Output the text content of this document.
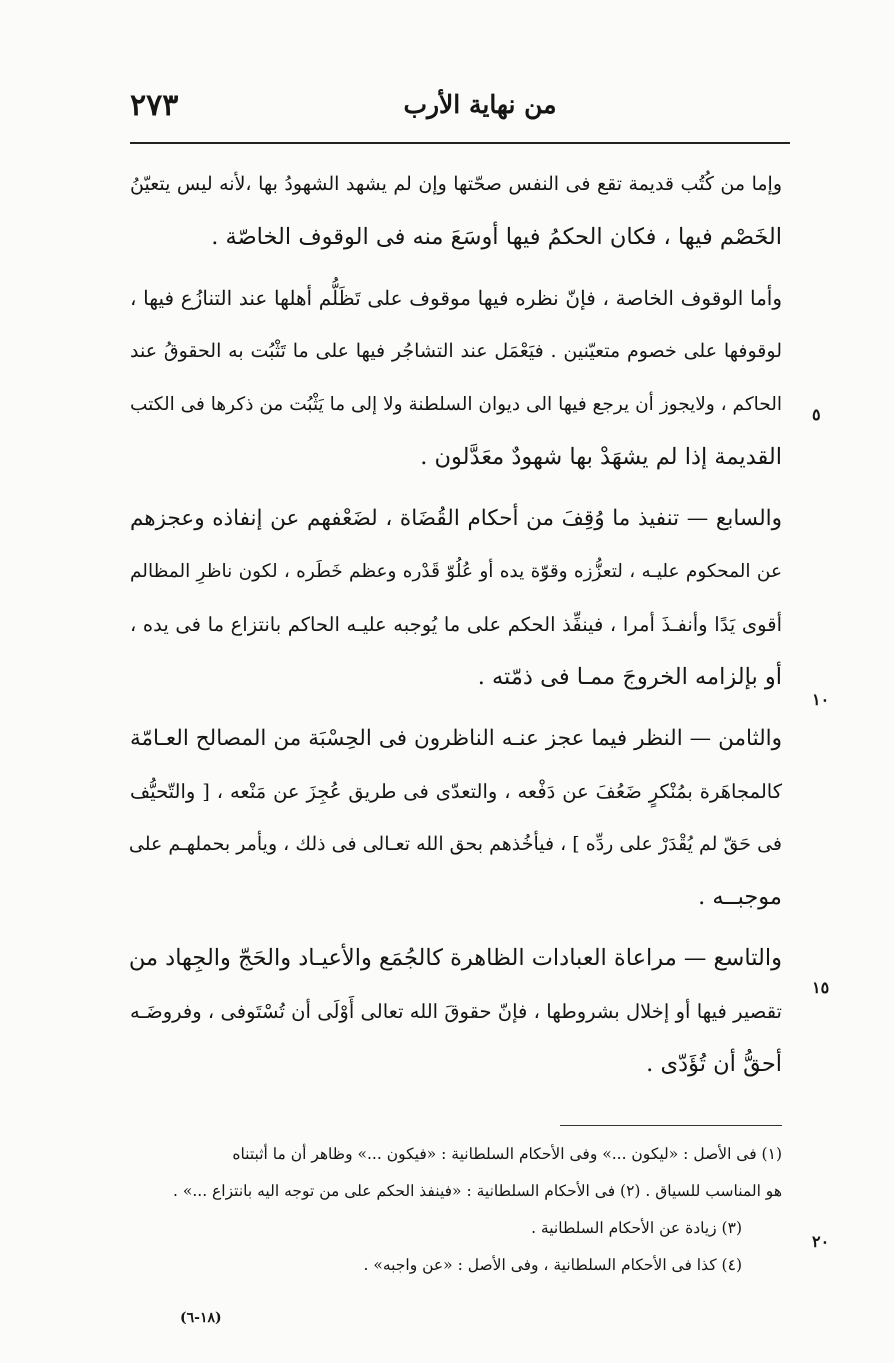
٢٧٣	من نهاية الأرب
وإما من كُتُب قديمة تقع فى النفس صحّتها وإن لم يشهد الشهودُ بها ،لأنه ليس يتعيّنُ
الخَصْم فيها ، فكان الحكمُ فيها أوسَعَ منه فى الوقوف الخاصّة .
وأما الوقوف الخاصة ، فإنّ نظره فيها موقوف على تَظَلُّم أهلها عند التنازُع فيها ،
لوقوفها على خصوم متعيّنين . فيَعْمَل عند التشاجُر فيها على ما تَثْبُت به الحقوقُ عند
الحاكم ، ولايجوز أن يرجع فيها الى ديوان السلطنة ولا إلى ما يَثْبُت من ذكرها فى الكتب
القديمة إذا لم يشهَدْ بها شهودٌ معَدَّلون .
والسابع — تنفيذ ما وُقِفَ من أحكام القُضَاة ، لضَعْفهم عن إنفاذه وعجزهم
عن المحكوم عليـه ، لتعزُّزه وقوّة يده أو عُلُوّ قَدْره وعظم خَطَره ، لكون ناظرِ المظالم
أقوى يَدًا وأنفـذَ أمرا ، فينفِّذ الحكم على ما يُوجبه عليـه الحاكم بانتزاع ما فى يده ،
أو بإلزامه الخروجَ ممـا فى ذمّته .
والثامن — النظر فيما عجز عنـه الناظرون فى الحِسْبَة من المصالح العـامّة
كالمجاهَرة بمُنْكرٍ ضَعُفَ عن دَفْعه ، والتعدّى فى طريق عُجِزَ عن مَنْعه ، [ والتّحيُّف
فى حَقّ لم يُقْدَرْ على ردِّه ] ، فيأخُذهم بحق الله تعـالى فى ذلك ، ويأمر بحملهـم على
موجبــه .
والتاسع — مراعاة العبادات الظاهرة كالجُمَع والأعيـاد والحَجّ والجِهاد من
تقصير فيها أو إخلال بشروطها ، فإنّ حقوقَ الله تعالى أَوْلَى أن تُسْتَوفى ، وفروضَـه
أحقُّ أن تُؤَدّى .
٥
١٠
١٥
٢٠
(١) فى الأصل : «ليكون ...» وفى الأحكام السلطانية : «فيكون ...» وظاهر أن ما أثبتناه
هو المناسب للسياق . (٢) فى الأحكام السلطانية : «فينفذ الحكم على من توجه اليه بانتزاع ...» .
(٣) زيادة عن الأحكام السلطانية .
(٤) كذا فى الأحكام السلطانية ، وفى الأصل : «عن واجبه» .
(١٨-٦)
